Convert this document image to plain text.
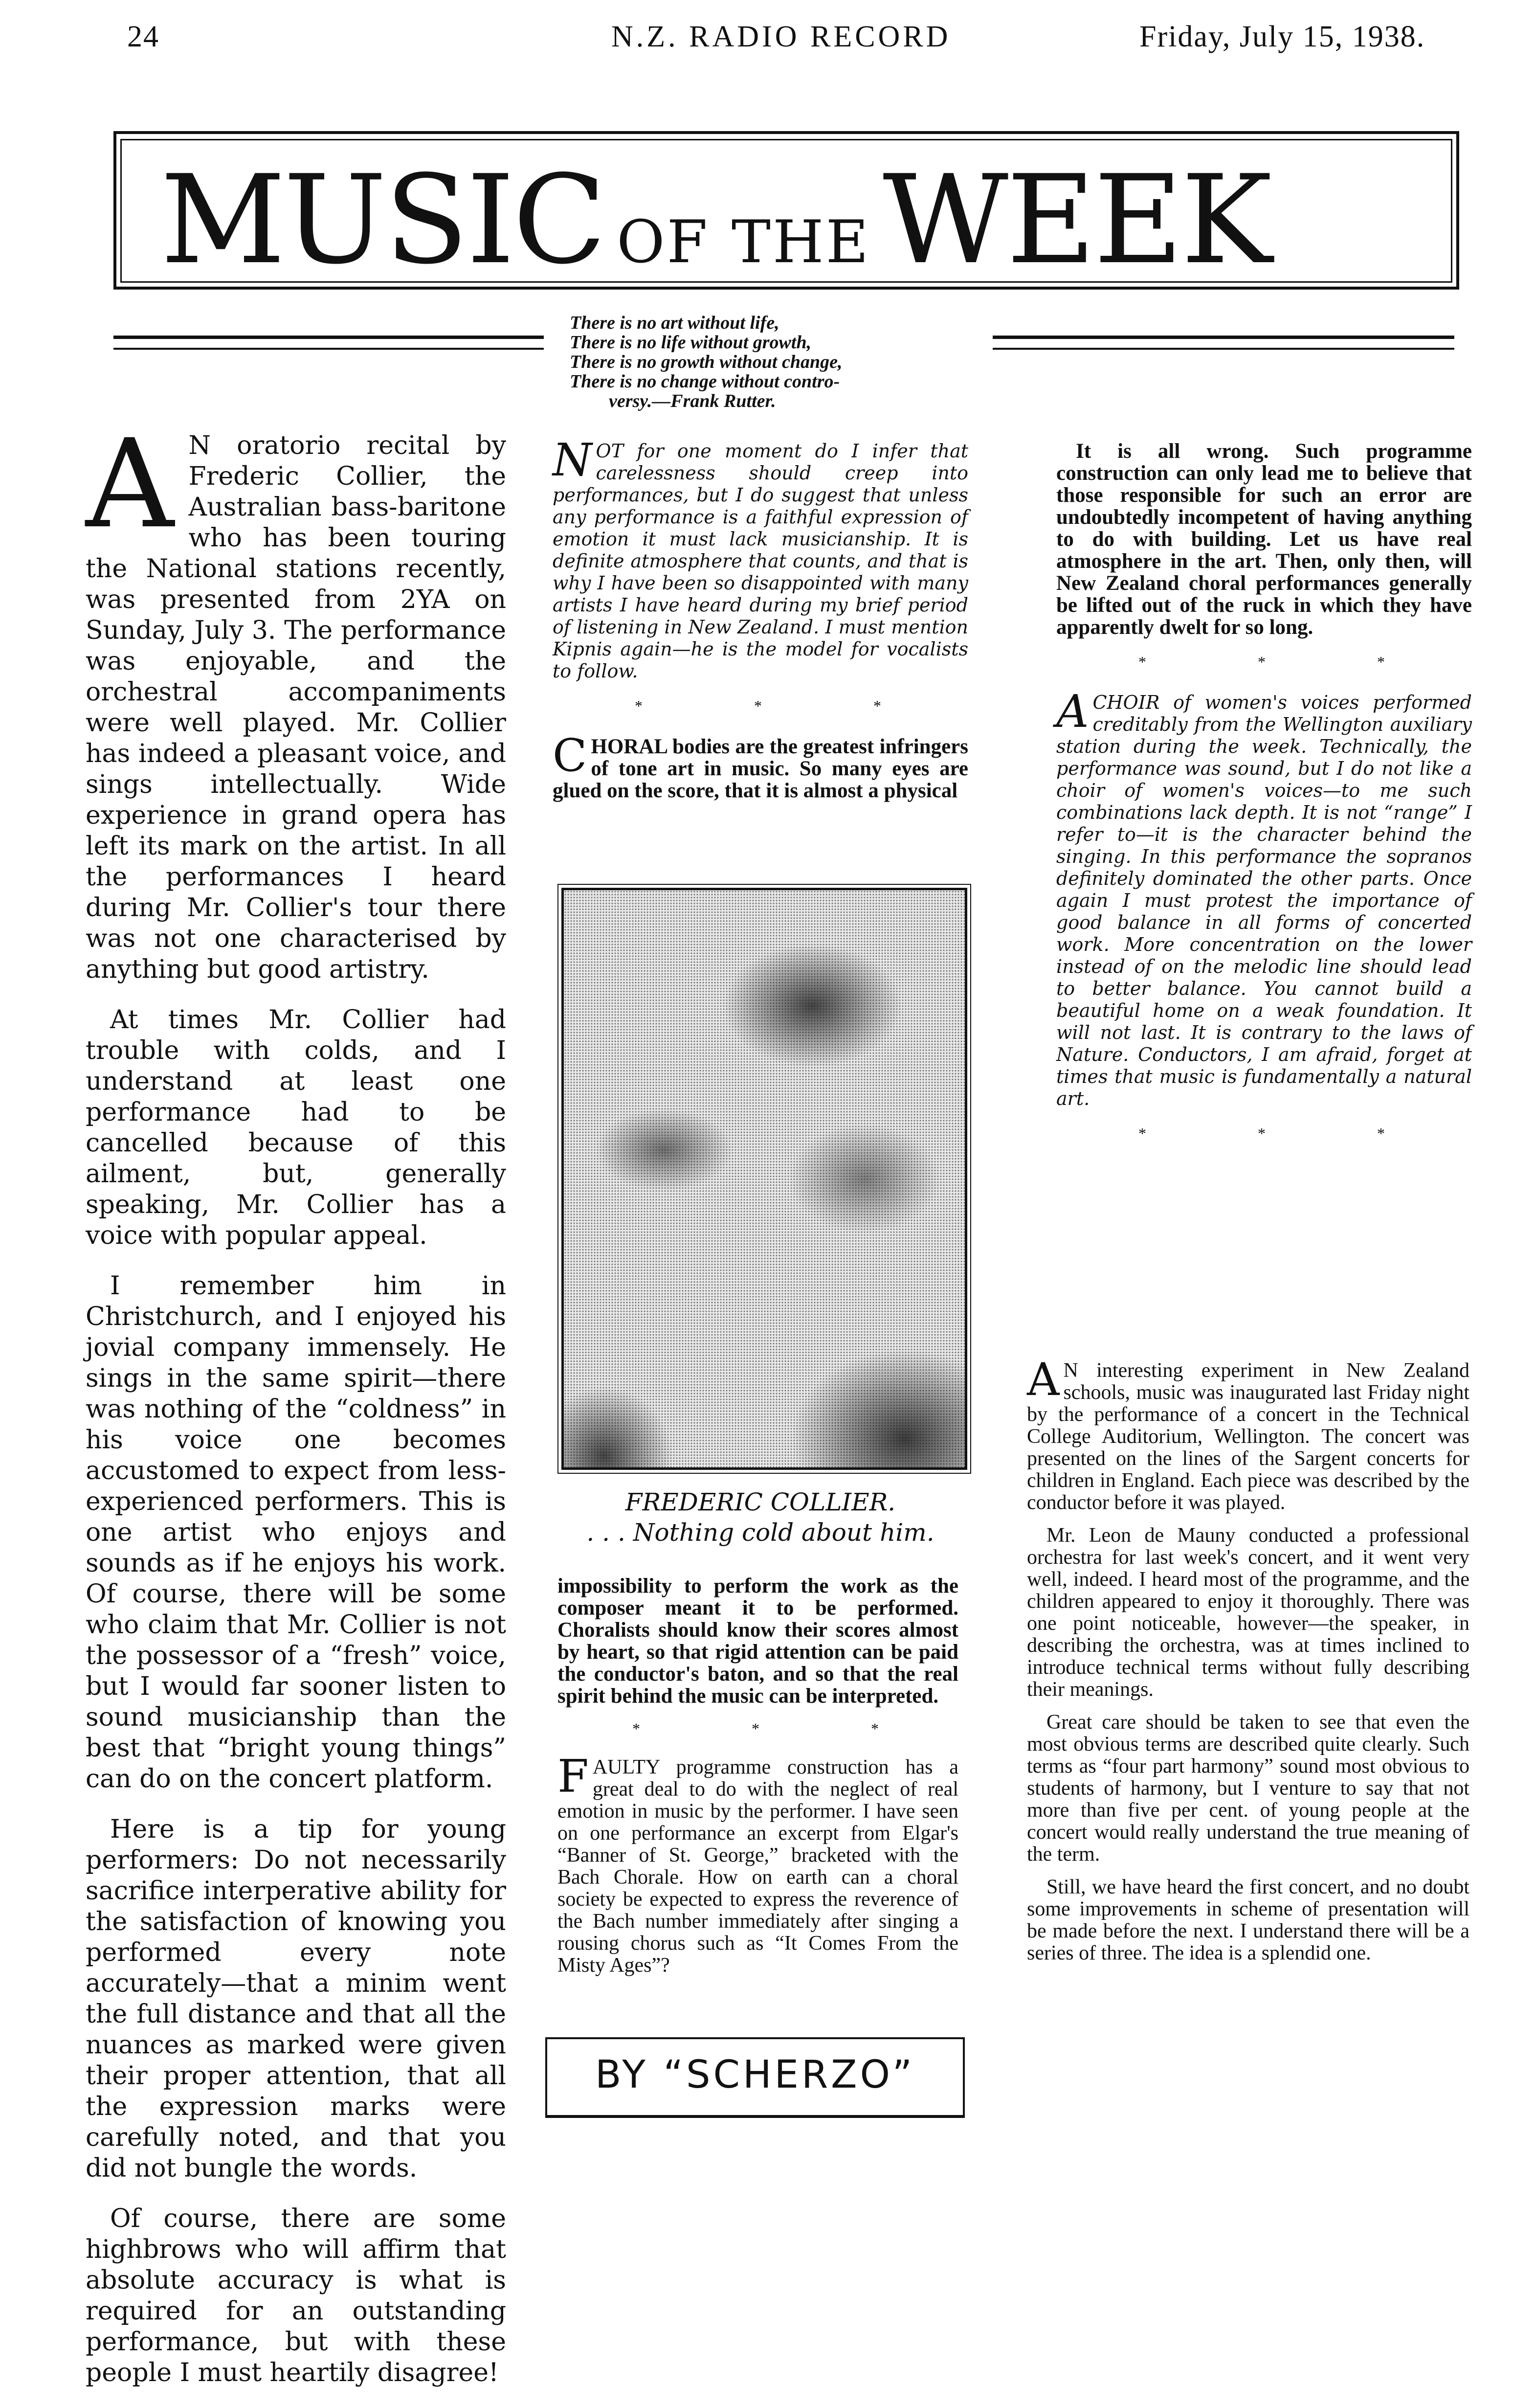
24	N.Z. RADIO RECORD	Friday, July 15, 1938.
MUSIC OF THE WEEK
There is no art without life,
There is no life without growth,
There is no growth without change,
There is no change without contro-
versy.—Frank Rutter.

A N oratorio recital by Frederic Collier, the Australian bass-baritone who has been touring the National stations recently, was presented from 2YA on Sunday, July 3. The performance was enjoyable, and the orchestral accompaniments were well played. Mr. Collier has indeed a pleasant voice, and sings intellectually. Wide experience in grand opera has left its mark on the artist. In all the performances I heard during Mr. Collier's tour there was not one characterised by anything but good artistry.

At times Mr. Collier had trouble with colds, and I understand at least one performance had to be cancelled because of this ailment, but, generally speaking, Mr. Collier has a voice with popular appeal.

I remember him in Christchurch, and I enjoyed his jovial company immensely. He sings in the same spirit—there was nothing of the “coldness” in his voice one becomes accustomed to expect from less-experienced performers. This is one artist who enjoys and sounds as if he enjoys his work. Of course, there will be some who claim that Mr. Collier is not the possessor of a “fresh” voice, but I would far sooner listen to sound musicianship than the best that “bright young things” can do on the concert platform.

Here is a tip for young performers: Do not necessarily sacrifice interperative ability for the satisfaction of knowing you performed every note accurately—that a minim went the full distance and that all the nuances as marked were given their proper attention, that all the expression marks were carefully noted, and that you did not bungle the words.

Of course, there are some highbrows who will affirm that absolute accuracy is what is required for an outstanding performance, but with these people I must heartily disagree!

NOT for one moment do I infer that carelessness should creep into performances, but I do suggest that unless any performance is a faithful expression of emotion it must lack musicianship. It is definite atmosphere that counts, and that is why I have been so disappointed with many artists I have heard during my brief period of listening in New Zealand. I must mention Kipnis again—he is the model for vocalists to follow.
* * *
CHORAL bodies are the greatest infringers of tone art in music. So many eyes are glued on the score, that it is almost a physical
FREDERIC COLLIER.
. . . Nothing cold about him.
impossibility to perform the work as the composer meant it to be performed. Choralists should know their scores almost by heart, so that rigid attention can be paid the conductor's baton, and so that the real spirit behind the music can be interpreted.
* * *
FAULTY programme construction has a great deal to do with the neglect of real emotion in music by the performer. I have seen on one performance an excerpt from Elgar's “Banner of St. George,” bracketed with the Bach Chorale. How on earth can a choral society be expected to express the reverence of the Bach number immediately after singing a rousing chorus such as “It Comes From the Misty Ages”?
BY “SCHERZO”
It is all wrong. Such programme construction can only lead me to believe that those responsible for such an error are undoubtedly incompetent of having anything to do with building. Let us have real atmosphere in the art. Then, only then, will New Zealand choral performances generally be lifted out of the ruck in which they have apparently dwelt for so long.
* * *
ACHOIR of women's voices performed creditably from the Wellington auxiliary station during the week. Technically, the performance was sound, but I do not like a choir of women's voices—to me such combinations lack depth. It is not “range” I refer to—it is the character behind the singing. In this performance the sopranos definitely dominated the other parts. Once again I must protest the importance of good balance in all forms of concerted work. More concentration on the lower instead of on the melodic line should lead to better balance. You cannot build a beautiful home on a weak foundation. It will not last. It is contrary to the laws of Nature. Conductors, I am afraid, forget at times that music is fundamentally a natural art.
* * *

A N interesting experiment in New Zealand schools, music was inaugurated last Friday night by the performance of a concert in the Technical College Auditorium, Wellington. The concert was presented on the lines of the Sargent concerts for children in England. Each piece was described by the conductor before it was played.

Mr. Leon de Mauny conducted a professional orchestra for last week's concert, and it went very well, indeed. I heard most of the programme, and the children appeared to enjoy it thoroughly. There was one point noticeable, however—the speaker, in describing the orchestra, was at times inclined to introduce technical terms without fully describing their meanings.

Great care should be taken to see that even the most obvious terms are described quite clearly. Such terms as “four part harmony” sound most obvious to students of harmony, but I venture to say that not more than five per cent. of young people at the concert would really understand the true meaning of the term.

Still, we have heard the first concert, and no doubt some improvements in scheme of presentation will be made before the next. I understand there will be a series of three. The idea is a splendid one.
